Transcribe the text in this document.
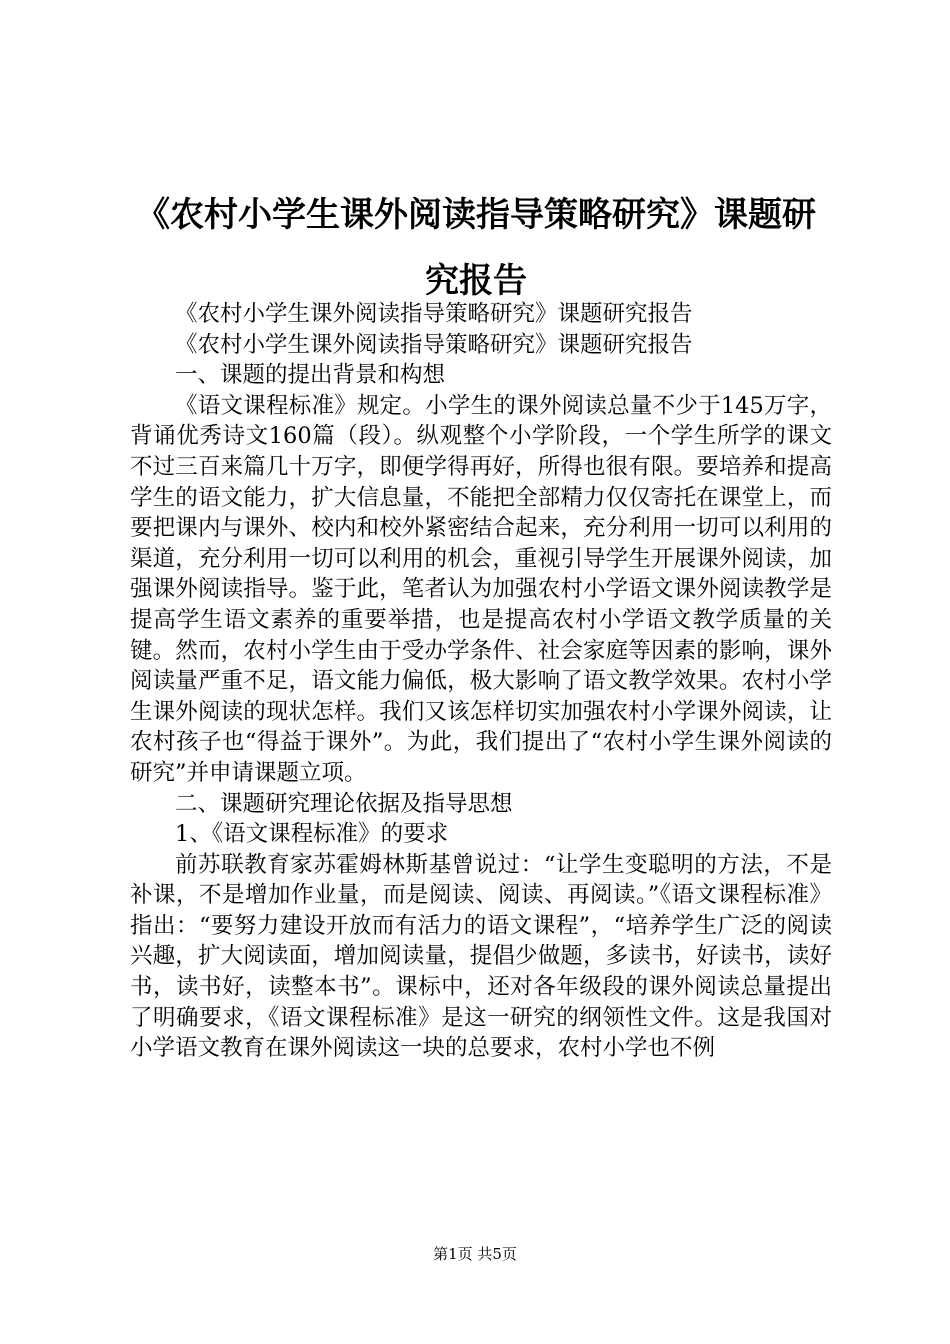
《农村小学生课外阅读指导策略研究》课题研究报告

《农村小学生课外阅读指导策略研究》课题研究报告

《农村小学生课外阅读指导策略研究》课题研究报告

一、课题的提出背景和构想

《语文课程标准》规定。小学生的课外阅读总量不少于145万字，背诵优秀诗文160篇（段）。纵观整个小学阶段，一个学生所学的课文不过三百来篇几十万字，即便学得再好，所得也很有限。要培养和提高学生的语文能力，扩大信息量，不能把全部精力仅仅寄托在课堂上，而要把课内与课外、校内和校外紧密结合起来，充分利用一切可以利用的渠道，充分利用一切可以利用的机会，重视引导学生开展课外阅读，加强课外阅读指导。鉴于此，笔者认为加强农村小学语文课外阅读教学是提高学生语文素养的重要举措，也是提高农村小学语文教学质量的关键。然而，农村小学生由于受办学条件、社会家庭等因素的影响，课外阅读量严重不足，语文能力偏低，极大影响了语文教学效果。农村小学生课外阅读的现状怎样。我们又该怎样切实加强农村小学课外阅读，让农村孩子也“得益于课外”。为此，我们提出了“农村小学生课外阅读的研究”并申请课题立项。

二、课题研究理论依据及指导思想

1、《语文课程标准》的要求

前苏联教育家苏霍姆林斯基曾说过：“让学生变聪明的方法，不是补课，不是增加作业量，而是阅读、阅读、再阅读。”《语文课程标准》指出：“要努力建设开放而有活力的语文课程”，“培养学生广泛的阅读兴趣，扩大阅读面，增加阅读量，提倡少做题，多读书，好读书，读好书，读书好，读整本书”。课标中，还对各年级段的课外阅读总量提出了明确要求，《语文课程标准》是这一研究的纲领性文件。这是我国对小学语文教育在课外阅读这一块的总要求，农村小学也不例

第1页 共5页
